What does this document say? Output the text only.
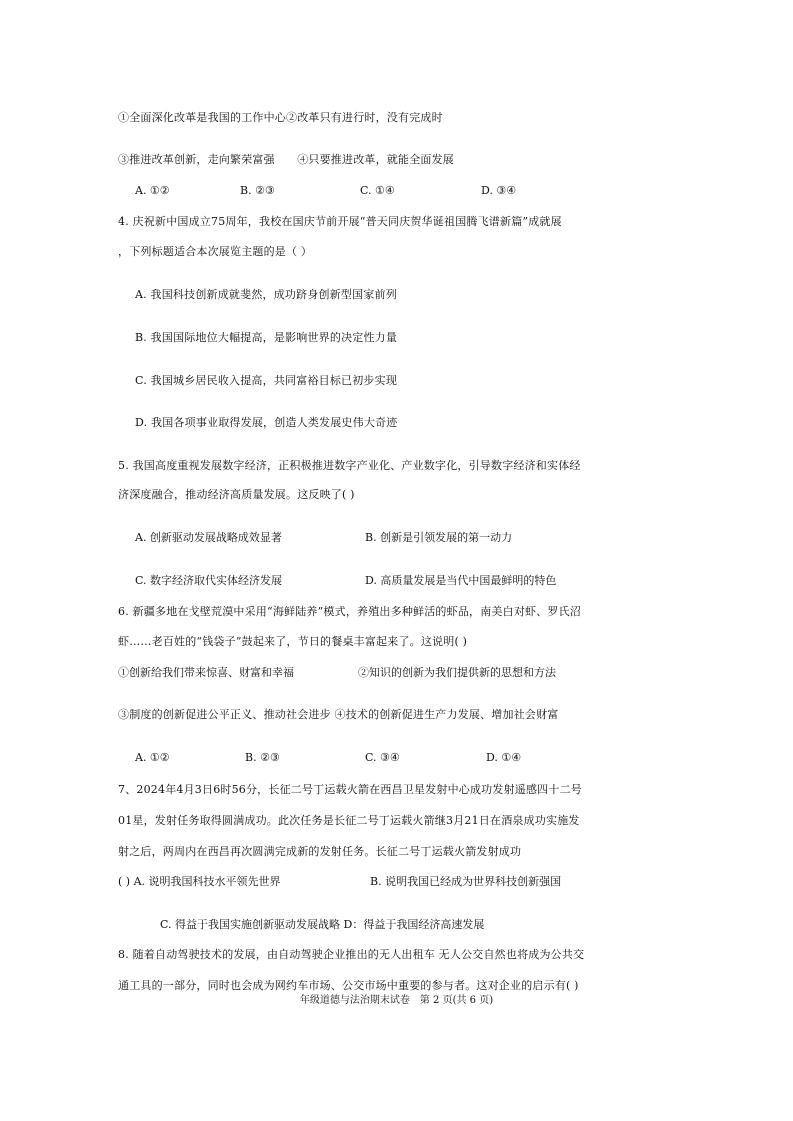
①全面深化改革是我国的工作中心②改革只有进行时，没有完成时
③推进改革创新，走向繁荣富强　　④只要推进改革，就能全面发展
A. ①②	B. ②③	C. ①④	D. ③④
4. 庆祝新中国成立75周年，我校在国庆节前开展“普天同庆贺华诞祖国腾飞谱新篇”成就展
，下列标题适合本次展览主题的是（ ）
A. 我国科技创新成就斐然，成功跻身创新型国家前列
B. 我国国际地位大幅提高，是影响世界的决定性力量
C. 我国城乡居民收入提高，共同富裕目标已初步实现
D. 我国各项事业取得发展，创造人类发展史伟大奇迹
5. 我国高度重视发展数字经济，正积极推进数字产业化、产业数字化，引导数字经济和实体经
济深度融合，推动经济高质量发展。这反映了( )
A. 创新驱动发展战略成效显著	B. 创新是引领发展的第一动力
C. 数字经济取代实体经济发展	D. 高质量发展是当代中国最鲜明的特色
6. 新疆多地在戈壁荒漠中采用“海鲜陆养”模式，养殖出多种鲜活的虾品，南美白对虾、罗氏沼
虾……老百姓的“钱袋子”鼓起来了，节日的餐桌丰富起来了。这说明( )
①创新给我们带来惊喜、财富和幸福	②知识的创新为我们提供新的思想和方法
③制度的创新促进公平正义、推动社会进步 ④技术的创新促进生产力发展、增加社会财富
A. ①②	B. ②③	C. ③④	D. ①④
7、2024年4月3日6时56分，长征二号丁运载火箭在西昌卫星发射中心成功发射遥感四十二号
01星，发射任务取得圆满成功。此次任务是长征二号丁运载火箭继3月21日在酒泉成功实施发
射之后，两周内在西昌再次圆满完成新的发射任务。长征二号丁运载火箭发射成功
( ) A. 说明我国科技水平领先世界	B. 说明我国已经成为世界科技创新强国
C. 得益于我国实施创新驱动发展战略 D：得益于我国经济高速发展
8. 随着自动驾驶技术的发展，由自动驾驶企业推出的无人出租车 无人公交自然也将成为公共交
通工具的一部分，同时也会成为网约车市场、公交市场中重要的参与者。这对企业的启示有( )
年级道德与法治期末试卷　第 2 页(共 6 页)
